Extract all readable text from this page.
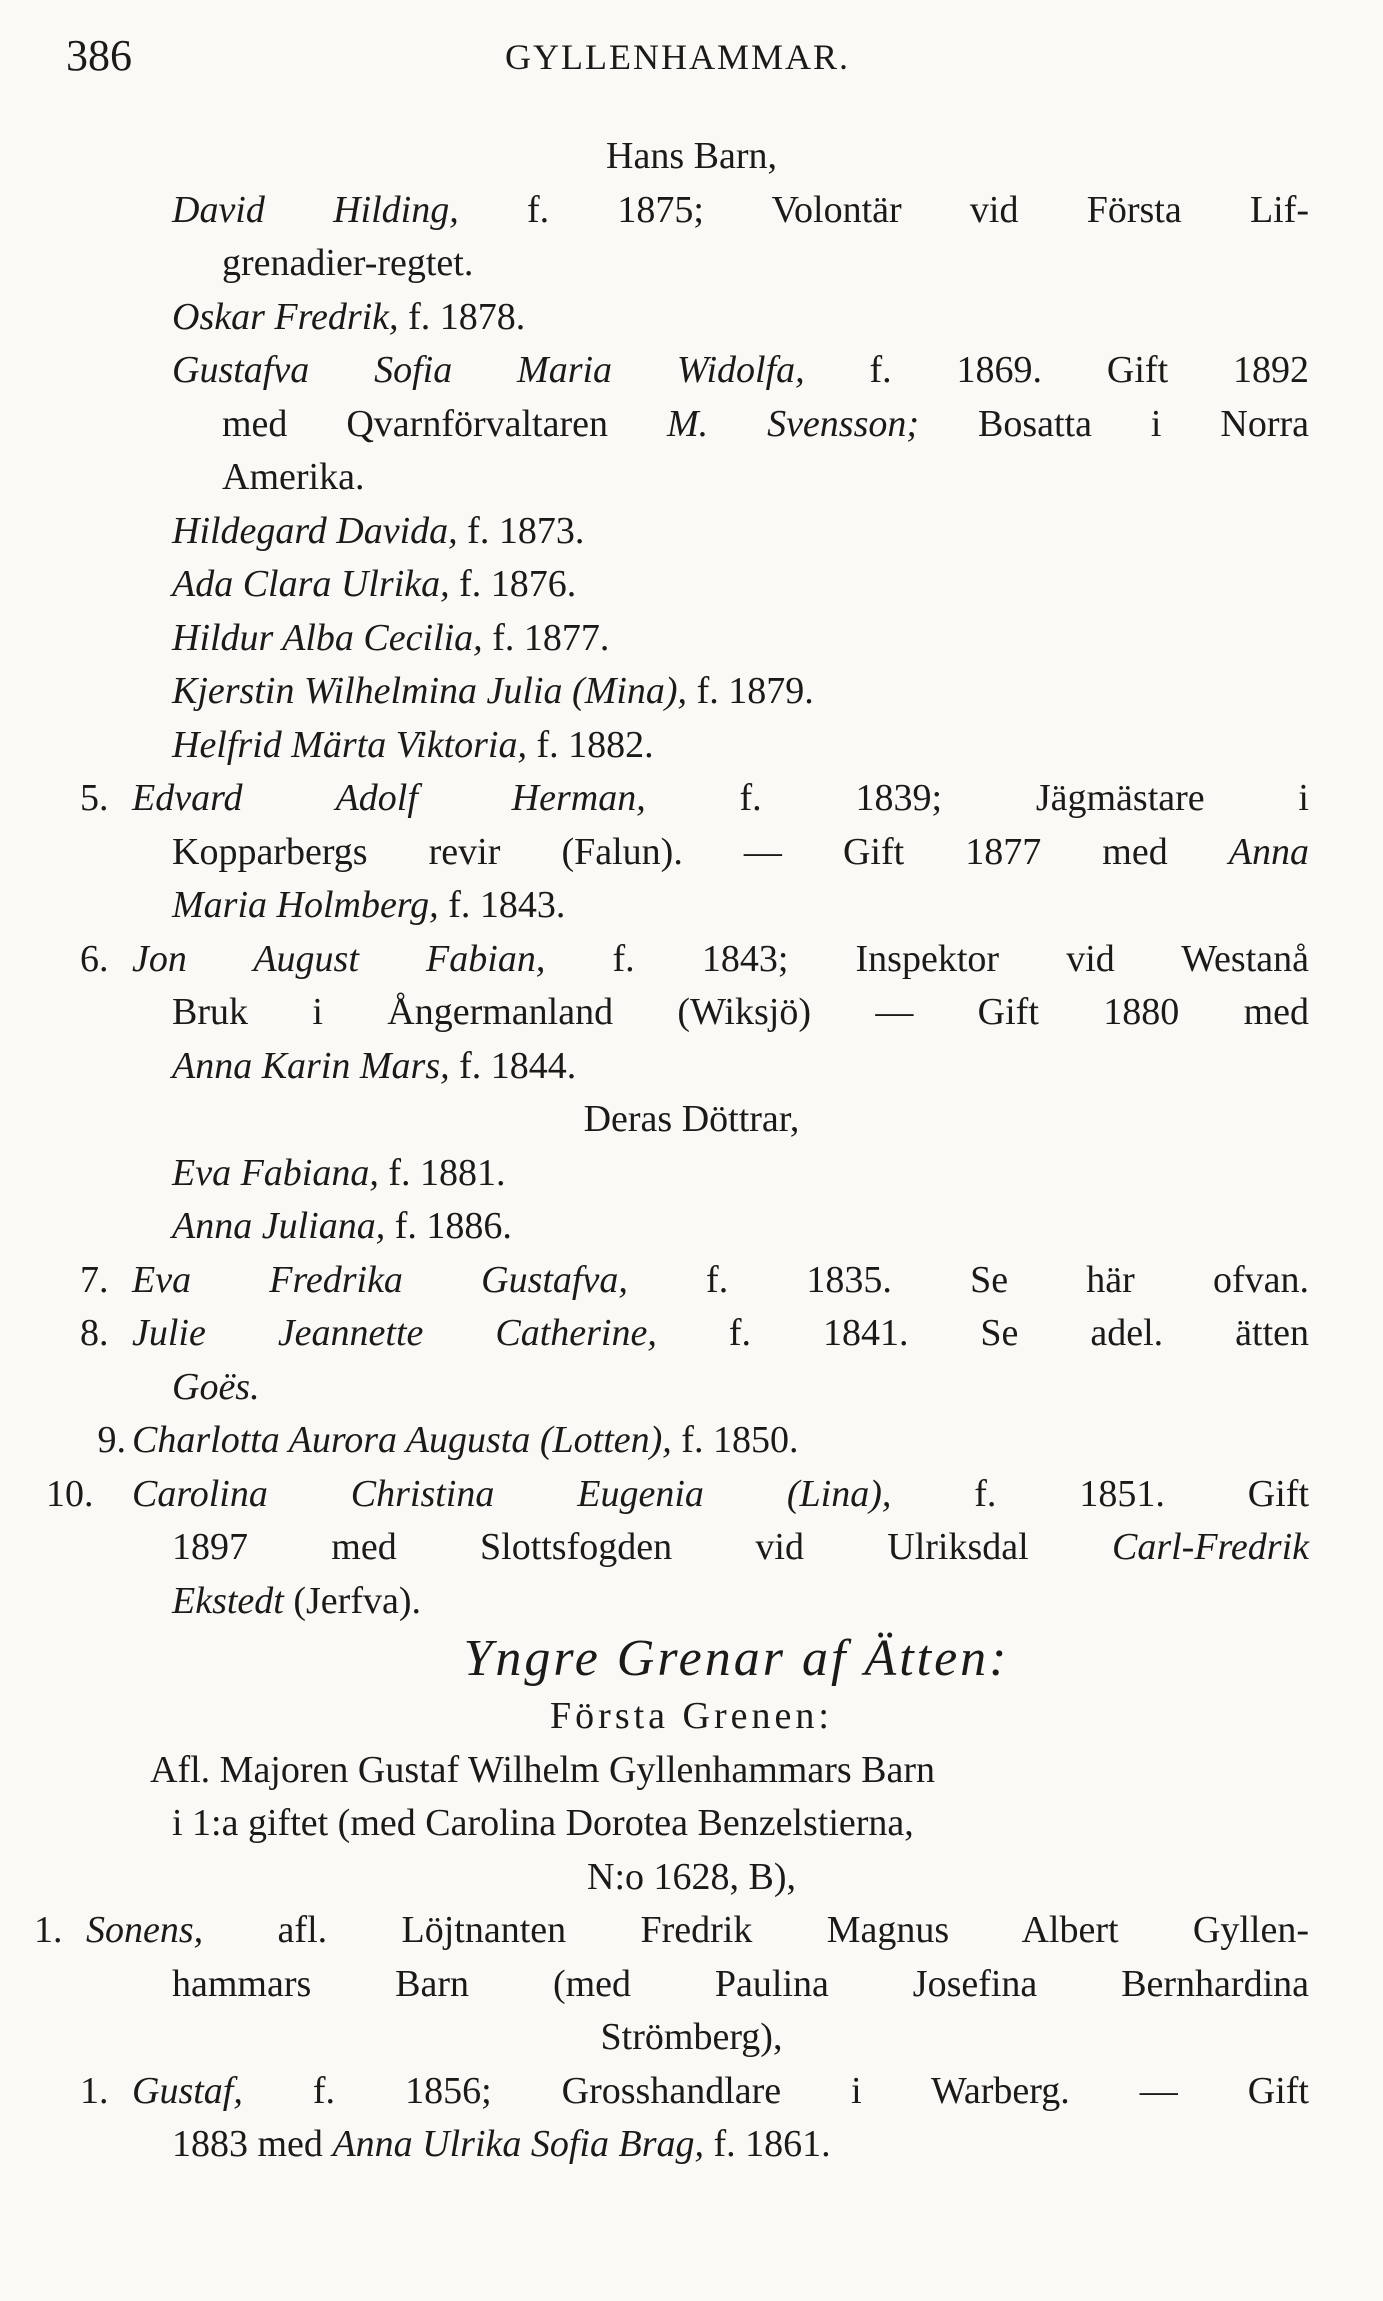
386	GYLLENHAMMAR.
Hans Barn,
David Hilding, f. 1875; Volontär vid Första Lif-
grenadier-regtet.
Oskar Fredrik, f. 1878.
Gustafva Sofia Maria Widolfa, f. 1869. Gift 1892
med Qvarnförvaltaren M. Svensson; Bosatta i Norra
Amerika.
Hildegard Davida, f. 1873.
Ada Clara Ulrika, f. 1876.
Hildur Alba Cecilia, f. 1877.
Kjerstin Wilhelmina Julia (Mina), f. 1879.
Helfrid Märta Viktoria, f. 1882.
5. Edvard Adolf Herman, f. 1839; Jägmästare i
Kopparbergs revir (Falun). — Gift 1877 med Anna
Maria Holmberg, f. 1843.
6. Jon August Fabian, f. 1843; Inspektor vid Westanå
Bruk i Ångermanland (Wiksjö) — Gift 1880 med
Anna Karin Mars, f. 1844.
Deras Döttrar,
Eva Fabiana, f. 1881.
Anna Juliana, f. 1886.
7. Eva Fredrika Gustafva, f. 1835. Se här ofvan.
8. Julie Jeannette Catherine, f. 1841. Se adel. ätten
Goës.
9. Charlotta Aurora Augusta (Lotten), f. 1850.
10. Carolina Christina Eugenia (Lina), f. 1851. Gift
1897 med Slottsfogden vid Ulriksdal Carl-Fredrik
Ekstedt (Jerfva).
Yngre Grenar af Ätten:
Första Grenen:
Afl. Majoren Gustaf Wilhelm Gyllenhammars Barn
i 1:a giftet (med Carolina Dorotea Benzelstierna,
N:o 1628, B),
1. Sonens, afl. Löjtnanten Fredrik Magnus Albert Gyllen-
hammars Barn (med Paulina Josefina Bernhardina
Strömberg),
1. Gustaf, f. 1856; Grosshandlare i Warberg. — Gift
1883 med Anna Ulrika Sofia Brag, f. 1861.
